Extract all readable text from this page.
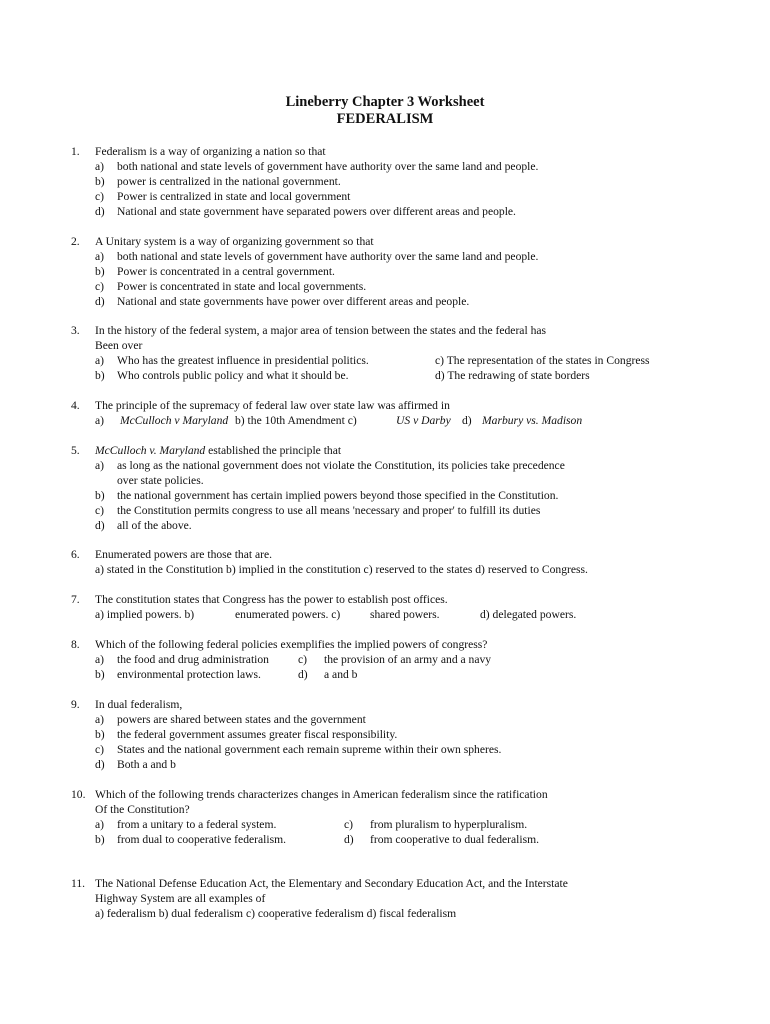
Lineberry Chapter 3 Worksheet
FEDERALISM
1.	Federalism is a way of organizing a nation so that
a) both national and state levels of government have authority over the same land and people.
b) power is centralized in the national government.
c) Power is centralized in state and local government
d) National and state government have separated powers over different areas and people.
2.	A Unitary system is a way of organizing government so that
a) both national and state levels of government have authority over the same land and people.
b) Power is concentrated in a central government.
c) Power is concentrated in state and local governments.
d) National and state governments have power over different areas and people.
3.	In the history of the federal system, a major area of tension between the states and the federal has
Been over
a) Who has the greatest influence in presidential politics.	c) The representation of the states in Congress
b) Who controls public policy and what it should be.	d) The redrawing of state borders
4.	The principle of the supremacy of federal law over state law was affirmed in
a) McCulloch v Maryland b) the 10th Amendment c)	US v Darby d) Marbury vs. Madison
5.	McCulloch v. Maryland established the principle that
a) as long as the national government does not violate the Constitution, its policies take precedence
over state policies.
b) the national government has certain implied powers beyond those specified in the Constitution.
c) the Constitution permits congress to use all means 'necessary and proper' to fulfill its duties
d) all of the above.
6.	Enumerated powers are those that are.
a) stated in the Constitution b) implied in the constitution c) reserved to the states d) reserved to Congress.
7.	The constitution states that Congress has the power to establish post offices.
a) implied powers. b)	enumerated powers. c)	shared powers.	d) delegated powers.
8.	Which of the following federal policies exemplifies the implied powers of congress?
a) the food and drug administration	c) the provision of an army and a navy
b) environmental protection laws.	d) a and b
9.	In dual federalism,
a) powers are shared between states and the government
b) the federal government assumes greater fiscal responsibility.
c) States and the national government each remain supreme within their own spheres.
d) Both a and b
10. Which of the following trends characterizes changes in American federalism since the ratification
Of the Constitution?
a) from a unitary to a federal system.	c) from pluralism to hyperpluralism.
b) from dual to cooperative federalism.	d) from cooperative to dual federalism.
11. The National Defense Education Act, the Elementary and Secondary Education Act, and the Interstate
Highway System are all examples of
a) federalism b) dual federalism c) cooperative federalism d) fiscal federalism
